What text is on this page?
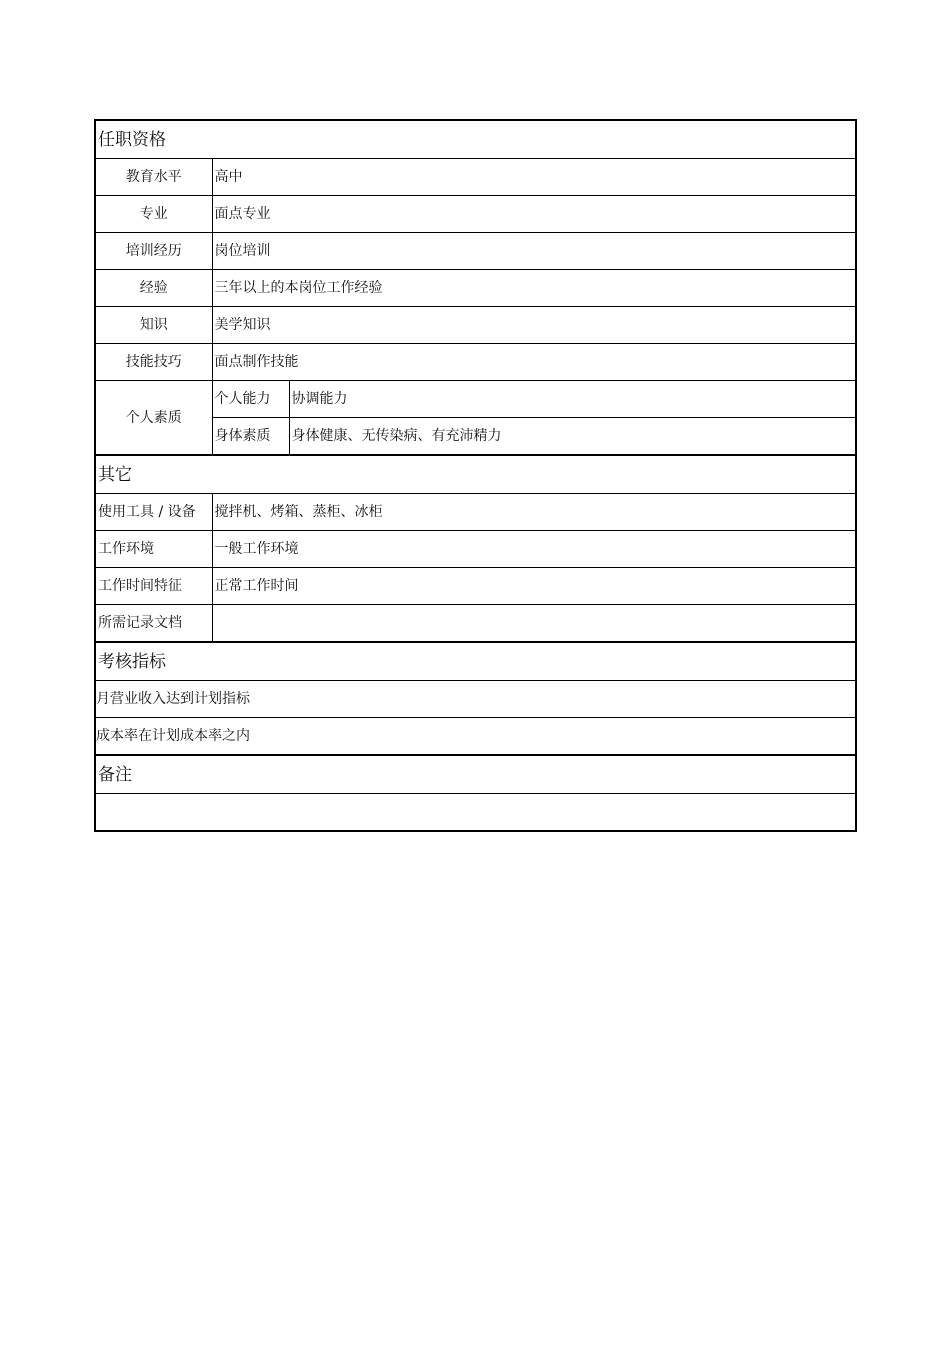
任职资格		
教育水平	高中	
专业	面点专业	
培训经历	岗位培训	
经验	三年以上的本岗位工作经验	
知识	美学知识	
技能技巧	面点制作技能	
个人素质	个人能力	协调能力
	身体素质	身体健康、无传染病、有充沛精力
其它		
使用工具 / 设备	搅拌机、烤箱、蒸柜、冰柜	
工作环境	一般工作环境	
工作时间特征	正常工作时间	
所需记录文档		
考核指标		
月营业收入达到计划指标		
成本率在计划成本率之内		
备注		
